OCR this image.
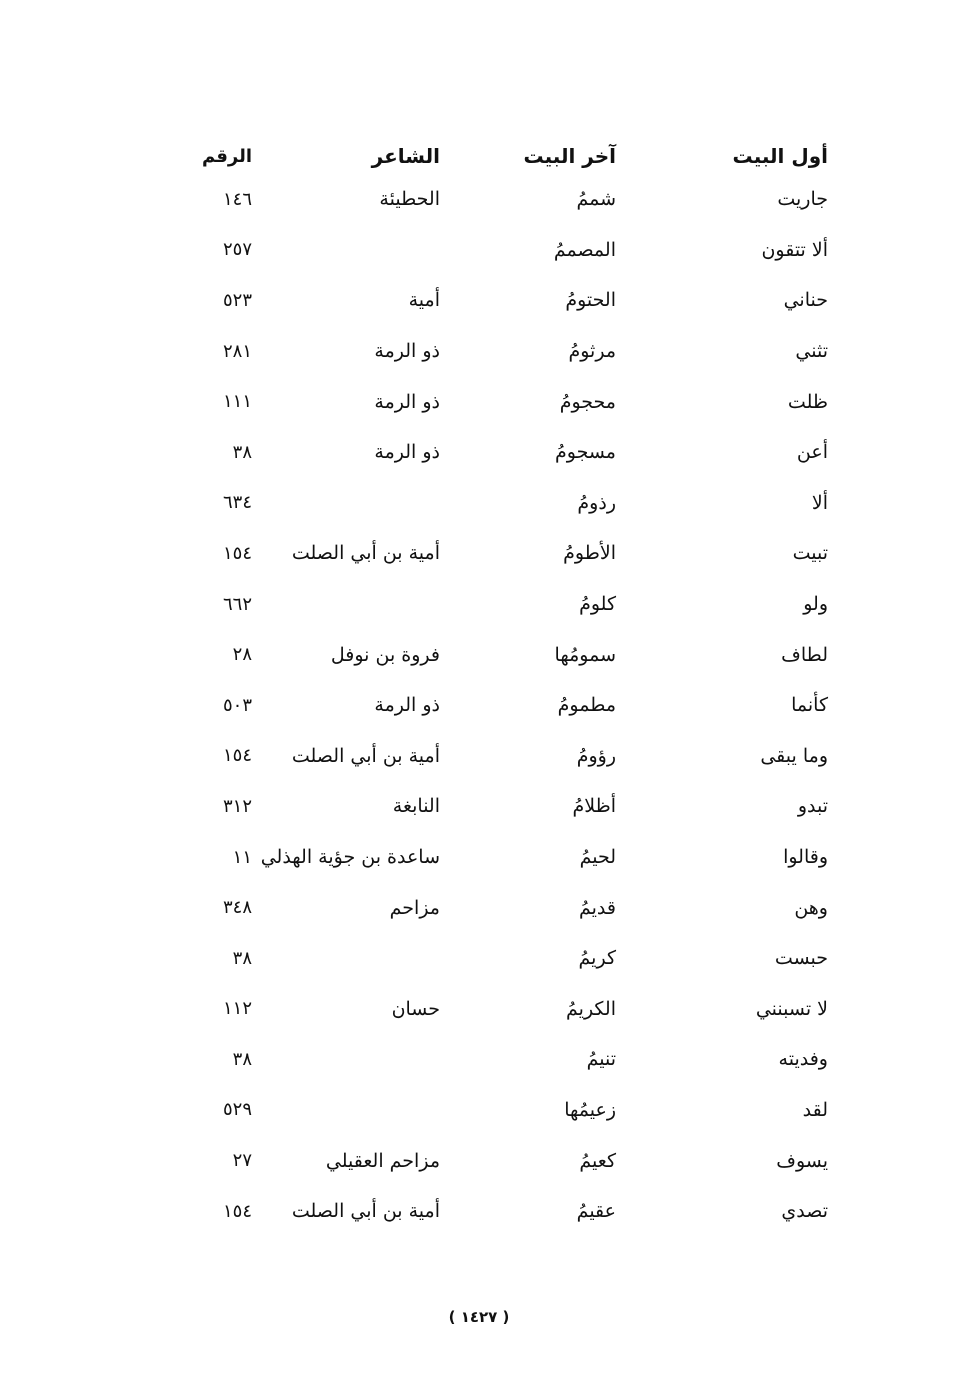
أول البيت	آخر البيت	الشاعر	الرقم
جاريت	شممُ	الحطيئة	١٤٦
ألا تتقون	المصممُ		٢٥٧
حناني	الحتومُ	أمية	٥٢٣
تثني	مرثومُ	ذو الرمة	٢٨١
ظلت	محجومُ	ذو الرمة	١١١
أعن	مسجومُ	ذو الرمة	٣٨
ألا	رذومُ		٦٣٤
تبيت	الأطومُ	أمية بن أبي الصلت	١٥٤
ولو	كلومُ		٦٦٢
لطاف	سمومُها	فروة بن نوفل	٢٨
كأنما	مطمومُ	ذو الرمة	٥٠٣
وما يبقى	رؤومُ	أمية بن أبي الصلت	١٥٤
تبدو	أظلامُ	النابغة	٣١٢
وقالوا	لحيمُ	ساعدة بن جؤية الهذلي	١١
وهن	قديمُ	مزاحم	٣٤٨
حبست	كريمُ		٣٨
لا تسبنني	الكريمُ	حسان	١١٢
وفديته	تنيمُ		٣٨
لقد	زعيمُها		٥٢٩
يسوف	كعيمُ	مزاحم العقيلي	٢٧
تصدي	عقيمُ	أمية بن أبي الصلت	١٥٤
( ١٤٢٧ )
